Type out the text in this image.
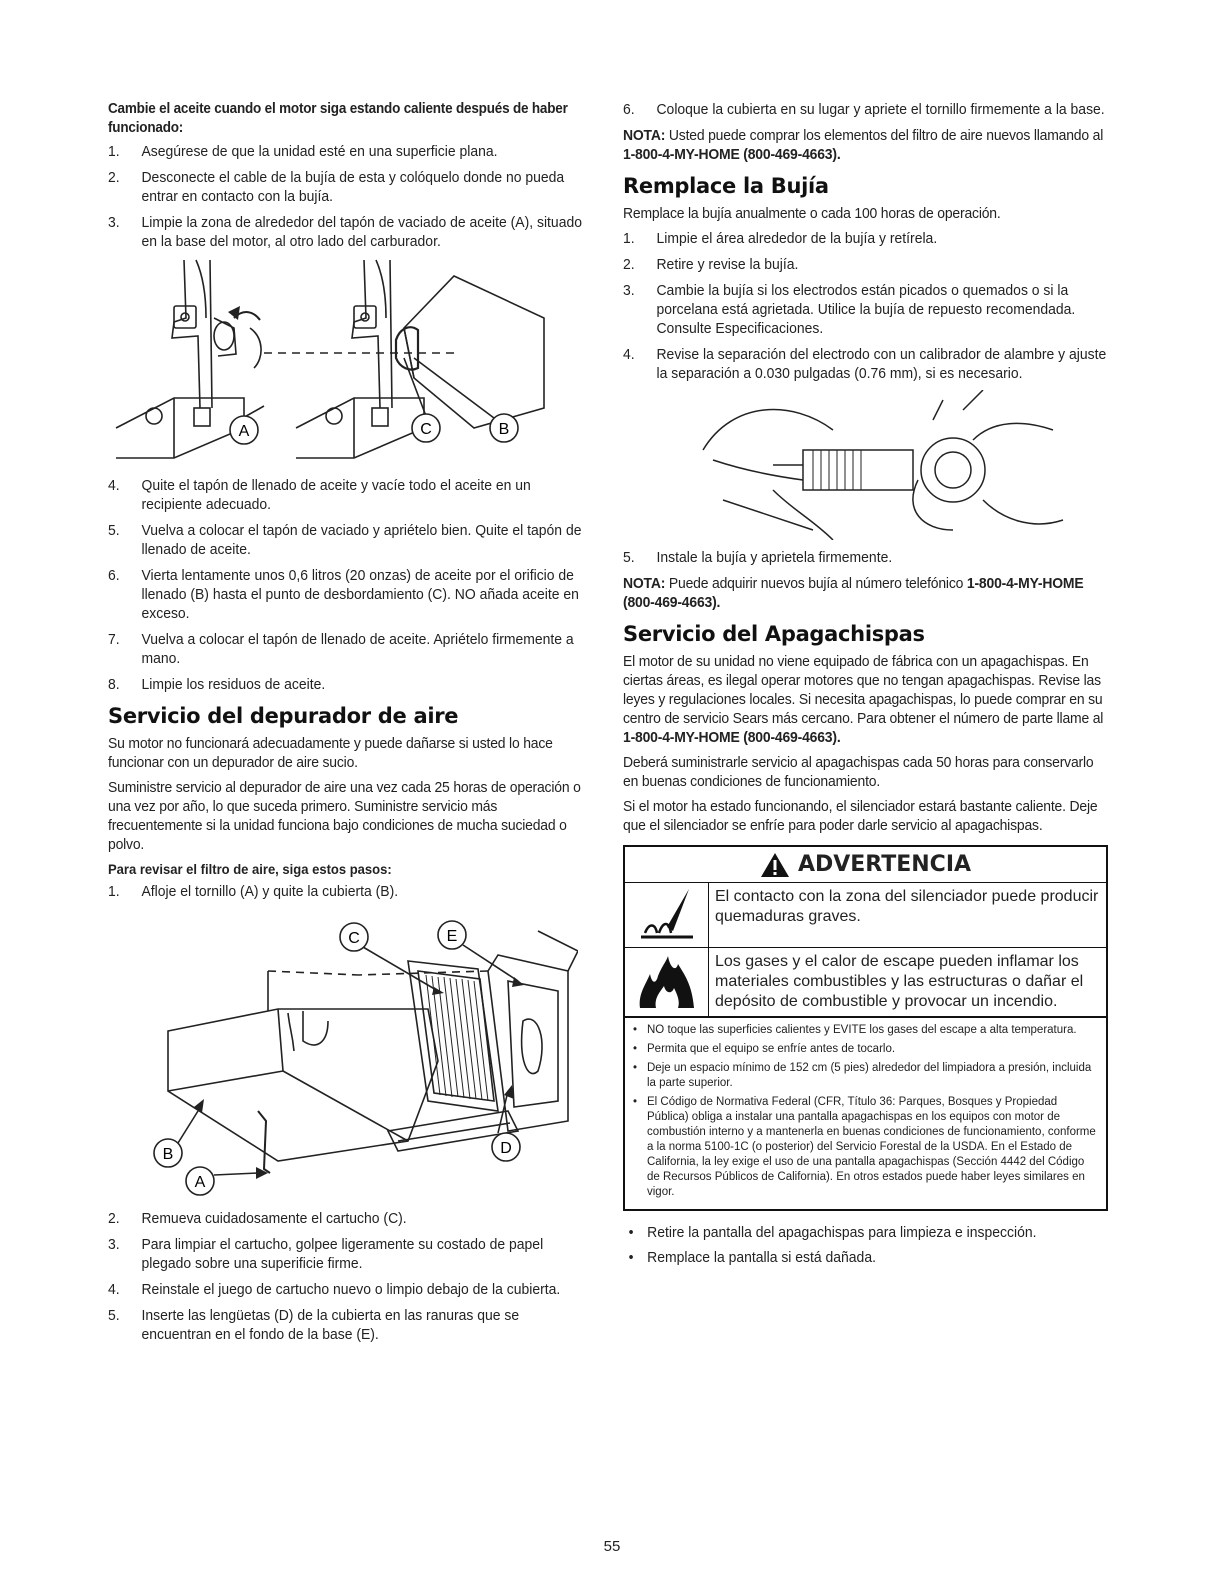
Cambie el aceite cuando el motor siga estando caliente después de haber funcionado:
1.	Asegúrese de que la unidad esté en una superficie plana.
2.	Desconecte el cable de la bujía de esta y colóquelo donde no pueda entrar en contacto con la bujía.
3.	Limpie la zona de alrededor del tapón de vaciado de aceite (A), situado en la base del motor, al otro lado del carburador.
A	C	B
4.	Quite el tapón de llenado de aceite y vacíe todo el aceite en un recipiente adecuado.
5.	Vuelva a colocar el tapón de vaciado y apriételo bien. Quite el tapón de llenado de aceite.
6.	Vierta lentamente unos 0,6 litros (20 onzas) de aceite por el orificio de llenado (B) hasta el punto de desbordamiento (C). NO añada aceite en exceso.
7.	Vuelva a colocar el tapón de llenado de aceite. Apriételo firmemente a mano.
8.	Limpie los residuos de aceite.
Servicio del depurador de aire
Su motor no funcionará adecuadamente y puede dañarse si usted lo hace funcionar con un depurador de aire sucio.
Suministre servicio al depurador de aire una vez cada 25 horas de operación o una vez por año, lo que suceda primero. Suministre servicio más frecuentemente si la unidad funciona bajo condiciones de mucha suciedad o polvo.
Para revisar el filtro de aire, siga estos pasos:
1.	Afloje el tornillo (A) y quite la cubierta (B).
C	E
B
A
D
2.	Remueva cuidadosamente el cartucho (C).
3.	Para limpiar el cartucho, golpee ligeramente su costado de papel plegado sobre una superificie firme.
4.	Reinstale el juego de cartucho nuevo o limpio debajo de la cubierta.
5.	Inserte las lengüetas (D) de la cubierta en las ranuras que se encuentran en el fondo de la base (E).
6.	Coloque la cubierta en su lugar y apriete el tornillo firmemente a la base.
NOTA: Usted puede comprar los elementos del filtro de aire nuevos llamando al 1-800-4-MY-HOME (800-469-4663).
Remplace la Bujía
Remplace la bujía anualmente o cada 100 horas de operación.
1.	Limpie el área alrededor de la bujía y retírela.
2.	Retire y revise la bujía.
3.	Cambie la bujía si los electrodos están picados o quemados o si la porcelana está agrietada. Utilice la bujía de repuesto recomendada. Consulte Especificaciones.
4.	Revise la separación del electrodo con un calibrador de alambre y ajuste la separación a 0.030 pulgadas (0.76 mm), si es necesario.
5.	Instale la bujía y aprietela firmemente.
NOTA: Puede adquirir nuevos bujía al número telefónico 1-800-4-MY-HOME (800-469-4663).
Servicio del Apagachispas
El motor de su unidad no viene equipado de fábrica con un apagachispas. En ciertas áreas, es ilegal operar motores que no tengan apagachispas. Revise las leyes y regulaciones locales. Si necesita apagachispas, lo puede comprar en su centro de servicio Sears más cercano. Para obtener el número de parte llame al 1-800-4-MY-HOME (800-469-4663).
Deberá suministrarle servicio al apagachispas cada 50 horas para conservarlo en buenas condiciones de funcionamiento.
Si el motor ha estado funcionando, el silenciador estará bastante caliente. Deje que el silenciador se enfríe para poder darle servicio al apagachispas.
ADVERTENCIA
El contacto con la zona del silenciador puede producir quemaduras graves.
Los gases y el calor de escape pueden inflamar los materiales combustibles y las estructuras o dañar el depósito de combustible y provocar un incendio.
• NO toque las superficies calientes y EVITE los gases del escape a alta temperatura.
• Permita que el equipo se enfríe antes de tocarlo.
• Deje un espacio mínimo de 152 cm (5 pies) alrededor del limpiadora a presión, incluida la parte superior.
• El Código de Normativa Federal (CFR, Título 36: Parques, Bosques y Propiedad Pública) obliga a instalar una pantalla apagachispas en los equipos con motor de combustión interno y a mantenerla en buenas condiciones de funcionamiento, conforme a la norma 5100-1C (o posterior) del Servicio Forestal de la USDA. En el Estado de California, la ley exige el uso de una pantalla apagachispas (Sección 4442 del Código de Recursos Públicos de California). En otros estados puede haber leyes similares en vigor.
• Retire la pantalla del apagachispas para limpieza e inspección.
• Remplace la pantalla si está dañada.
55
